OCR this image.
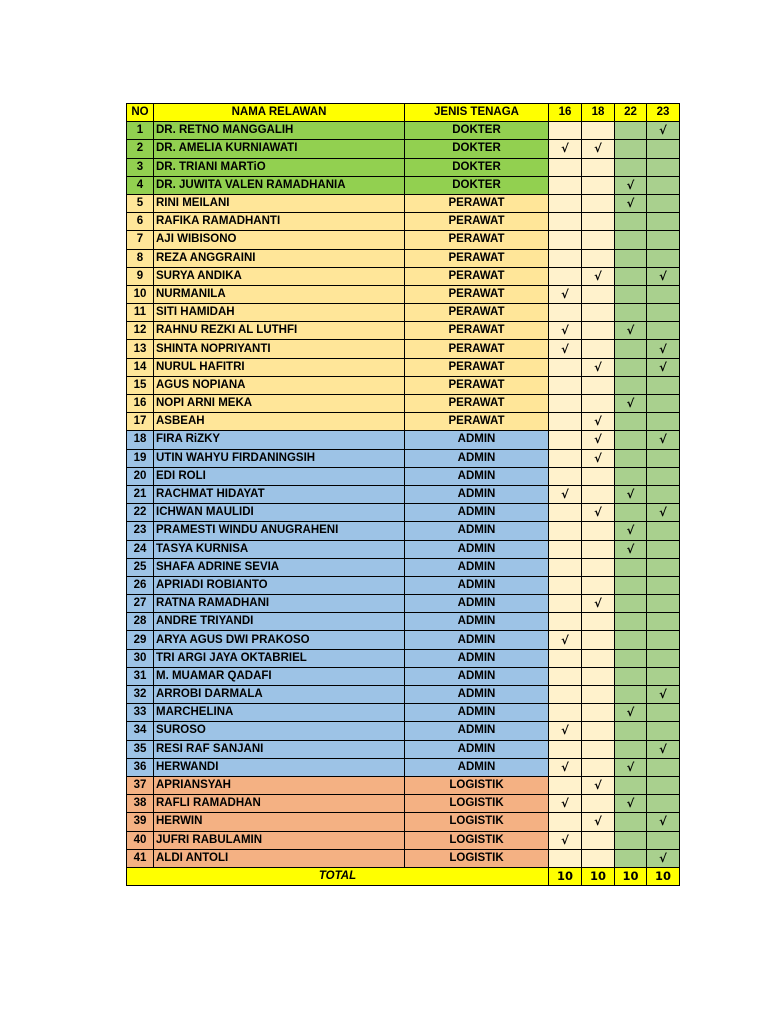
NO	NAMA RELAWAN	JENIS TENAGA	16	18	22	23
1	DR. RETNO MANGGALIH	DOKTER				√
2	DR. AMELIA KURNIAWATI	DOKTER	√	√		
3	DR. TRIANI MARTiO	DOKTER				
4	DR. JUWITA VALEN RAMADHANIA	DOKTER			√	
5	RINI MEILANI	PERAWAT			√	
6	RAFIKA RAMADHANTI	PERAWAT				
7	AJI WIBISONO	PERAWAT				
8	REZA ANGGRAINI	PERAWAT				
9	SURYA ANDIKA	PERAWAT		√		√
10	NURMANILA	PERAWAT	√			
11	SITI HAMIDAH	PERAWAT				
12	RAHNU REZKI AL LUTHFI	PERAWAT	√		√	
13	SHINTA NOPRIYANTI	PERAWAT	√			√
14	NURUL HAFITRI	PERAWAT		√		√
15	AGUS NOPIANA	PERAWAT				
16	NOPI ARNI MEKA	PERAWAT			√	
17	ASBEAH	PERAWAT		√		
18	FIRA RiZKY	ADMIN		√		√
19	UTIN WAHYU FIRDANINGSIH	ADMIN		√		
20	EDI ROLI	ADMIN				
21	RACHMAT HIDAYAT	ADMIN	√		√	
22	ICHWAN MAULIDI	ADMIN		√		√
23	PRAMESTI WINDU ANUGRAHENI	ADMIN			√	
24	TASYA KURNISA	ADMIN			√	
25	SHAFA ADRINE SEVIA	ADMIN				
26	APRIADI ROBIANTO	ADMIN				
27	RATNA RAMADHANI	ADMIN		√		
28	ANDRE TRIYANDI	ADMIN				
29	ARYA AGUS DWI PRAKOSO	ADMIN	√			
30	TRI ARGI JAYA OKTABRIEL	ADMIN				
31	M. MUAMAR QADAFI	ADMIN				
32	ARROBI DARMALA	ADMIN				√
33	MARCHELINA	ADMIN			√	
34	SUROSO	ADMIN	√			
35	RESI RAF SANJANI	ADMIN				√
36	HERWANDI	ADMIN	√		√	
37	APRIANSYAH	LOGISTIK		√		
38	RAFLI RAMADHAN	LOGISTIK	√		√	
39	HERWIN	LOGISTIK		√		√
40	JUFRI RABULAMIN	LOGISTIK	√			
41	ALDI ANTOLI	LOGISTIK				√
TOTAL			10	10	10	10
